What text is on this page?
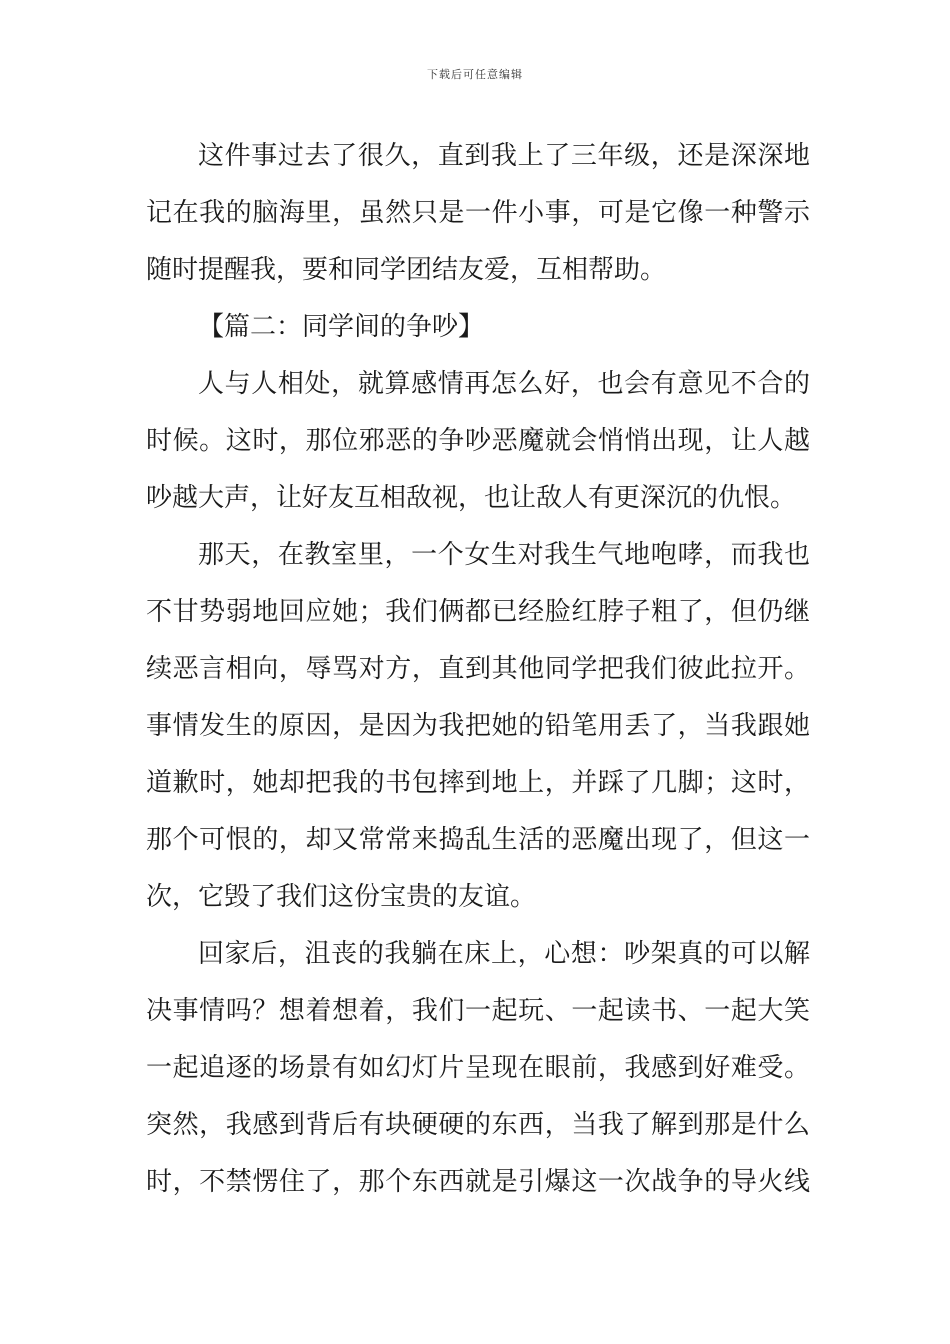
下载后可任意编辑
这件事过去了很久，直到我上了三年级，还是深深地
记在我的脑海里，虽然只是一件小事，可是它像一种警示
随时提醒我，要和同学团结友爱，互相帮助。
【篇二：同学间的争吵】
人与人相处，就算感情再怎么好，也会有意见不合的
时候。这时，那位邪恶的争吵恶魔就会悄悄出现，让人越
吵越大声，让好友互相敌视，也让敌人有更深沉的仇恨。
那天，在教室里，一个女生对我生气地咆哮，而我也
不甘势弱地回应她；我们俩都已经脸红脖子粗了，但仍继
续恶言相向，辱骂对方，直到其他同学把我们彼此拉开。
事情发生的原因，是因为我把她的铅笔用丢了，当我跟她
道歉时，她却把我的书包摔到地上，并踩了几脚；这时，
那个可恨的，却又常常来捣乱生活的恶魔出现了，但这一
次，它毁了我们这份宝贵的友谊。
回家后，沮丧的我躺在床上，心想：吵架真的可以解
决事情吗？想着想着，我们一起玩、一起读书、一起大笑
一起追逐的场景有如幻灯片呈现在眼前，我感到好难受。
突然，我感到背后有块硬硬的东西，当我了解到那是什么
时，不禁愣住了，那个东西就是引爆这一次战争的导火线
